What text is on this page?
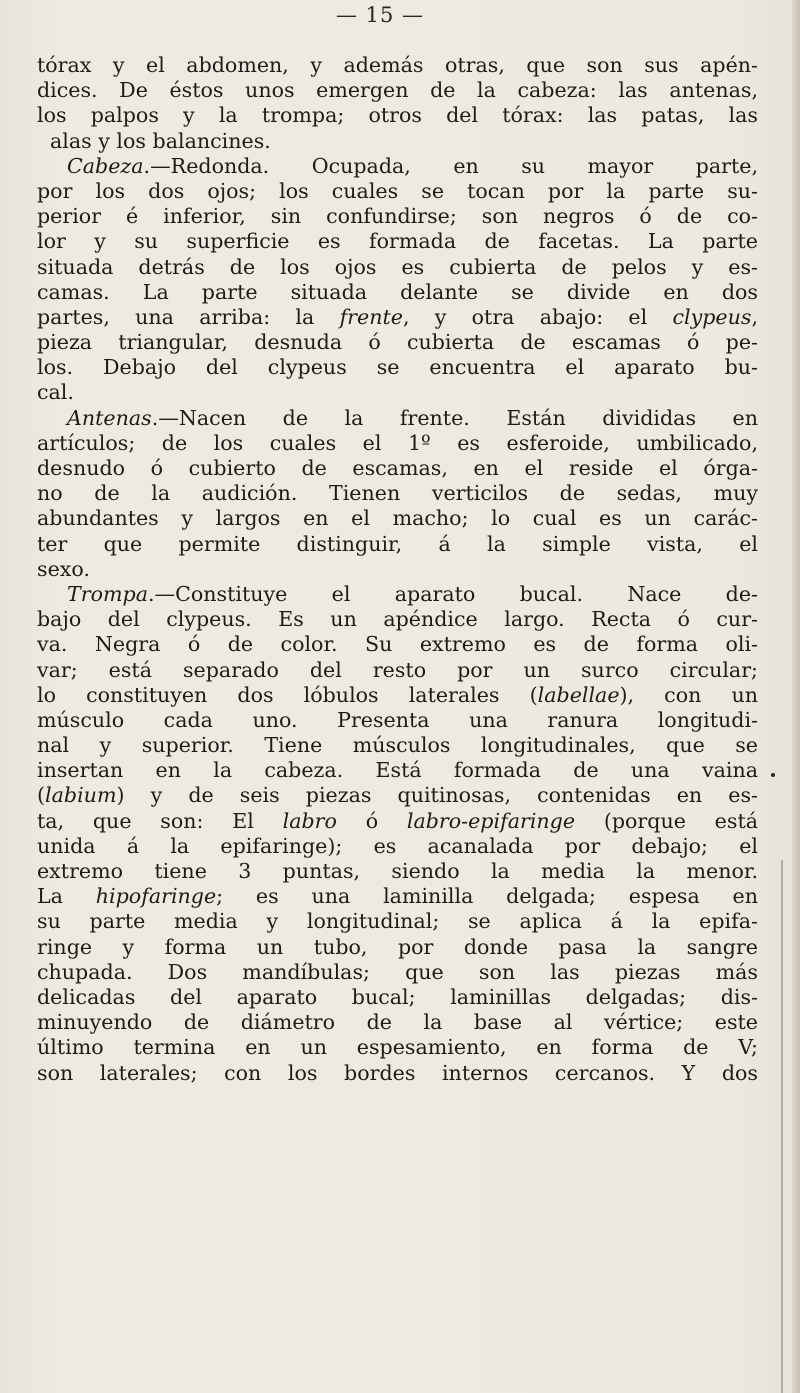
— 15 —
tórax y el abdomen, y además otras, que son sus apén-
dices. De éstos unos emergen de la cabeza: las antenas,
los palpos y la trompa; otros del tórax: las patas, las
alas y los balancines.
Cabeza.—Redonda. Ocupada, en su mayor parte,
por los dos ojos; los cuales se tocan por la parte su-
perior é inferior, sin confundirse; son negros ó de co-
lor y su superficie es formada de facetas. La parte
situada detrás de los ojos es cubierta de pelos y es-
camas. La parte situada delante se divide en dos
partes, una arriba: la frente, y otra abajo: el clypeus,
pieza triangular, desnuda ó cubierta de escamas ó pe-
los. Debajo del clypeus se encuentra el aparato bu-
cal.
Antenas.—Nacen de la frente. Están divididas en
artículos; de los cuales el 1º es esferoide, umbilicado,
desnudo ó cubierto de escamas, en el reside el órga-
no de la audición. Tienen verticilos de sedas, muy
abundantes y largos en el macho; lo cual es un carác-
ter que permite distinguir, á la simple vista, el
sexo.
Trompa.—Constituye el aparato bucal. Nace de-
bajo del clypeus. Es un apéndice largo. Recta ó cur-
va. Negra ó de color. Su extremo es de forma oli-
var; está separado del resto por un surco circular;
lo constituyen dos lóbulos laterales (labellae), con un
músculo cada uno. Presenta una ranura longitudi-
nal y superior. Tiene músculos longitudinales, que se
insertan en la cabeza. Está formada de una vaina
(labium) y de seis piezas quitinosas, contenidas en es-
ta, que son: El labro ó labro-epifaringe (porque está
unida á la epifaringe); es acanalada por debajo; el
extremo tiene 3 puntas, siendo la media la menor.
La hipofaringe; es una laminilla delgada; espesa en
su parte media y longitudinal; se aplica á la epifa-
ringe y forma un tubo, por donde pasa la sangre
chupada. Dos mandíbulas; que son las piezas más
delicadas del aparato bucal; laminillas delgadas; dis-
minuyendo de diámetro de la base al vértice; este
último termina en un espesamiento, en forma de V;
son laterales; con los bordes internos cercanos. Y dos
